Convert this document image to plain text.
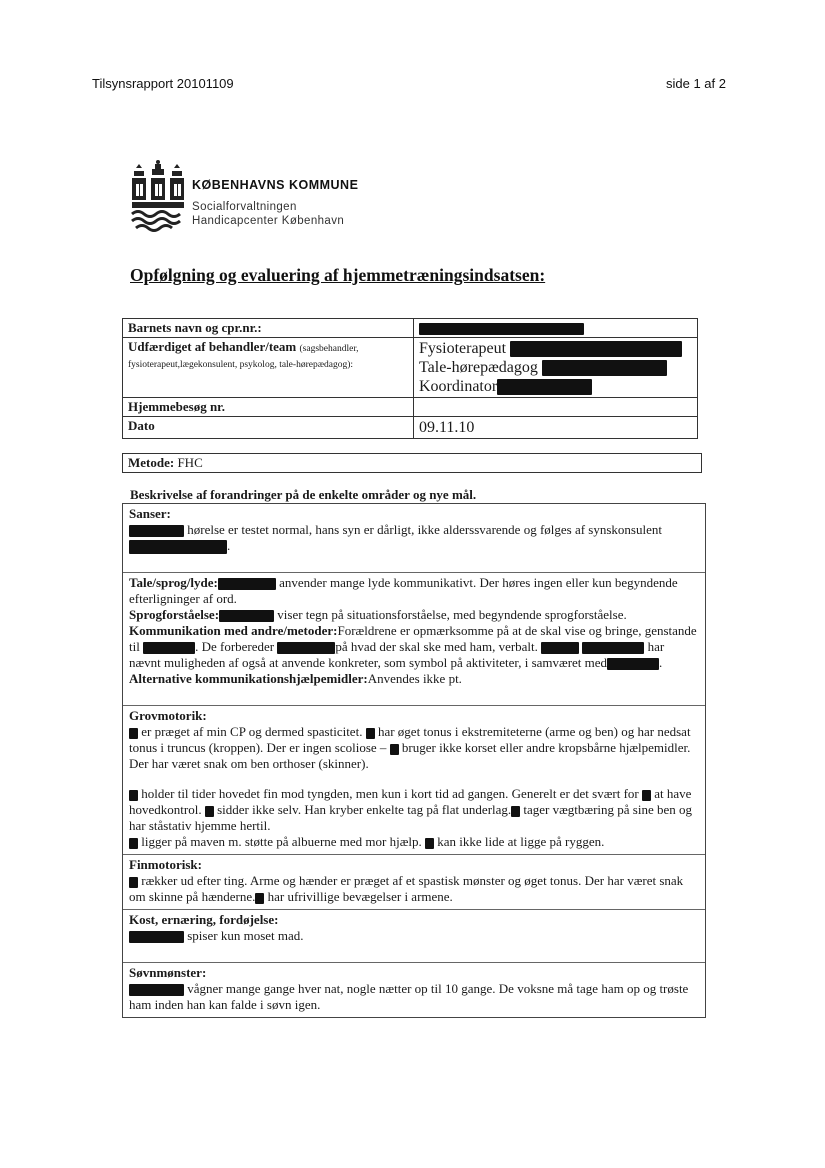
Tilsynsrapport 20101109	side 1 af 2
KØBENHAVNS KOMMUNE
Socialforvaltningen
Handicapcenter København
Opfølgning og evaluering af hjemmetræningsindsatsen:
Barnets navn og cpr.nr.:	
Udfærdiget af behandler/team (sagsbehandler, fysioterapeut,lægekonsulent, psykolog, tale-hørepædagog):	Fysioterapeut
Tale-hørepædagog
Koordinator

Hjemmebesøg nr.	
Dato	09.11.10
Metode: FHC
Beskrivelse af forandringer på de enkelte områder og nye mål.
Sanser:

hørelse er testet normal, hans syn er dårligt, ikke alderssvarende og følges af synskonsulent .

Tale/sprog/lyde:	anvender mange lyde kommunikativt. Der høres ingen eller kun begyndende efterligninger af ord.

Sprogforståelse:	viser tegn på situationsforståelse, med begyndende sprogforståelse.

Kommunikation med andre/metoder:Forældrene er opmærksomme på at de skal vise og bringe, genstande til	. De forbereder	på hvad der skal ske med ham, verbalt.	har nævnt muligheden af også at anvende konkreter, som symbol på aktiviteter, i samværet med	.

Alternative kommunikationshjælpemidler:Anvendes ikke pt.

Grovmotorik:

er præget af min CP og dermed spasticitet. har øget tonus i ekstremiteterne (arme og ben) og har nedsat tonus i truncus (kroppen). Der er ingen scoliose – bruger ikke korset eller andre kropsbårne hjælpemidler. Der har været snak om ben orthoser (skinner).

holder til tider hovedet fin mod tyngden, men kun i kort tid ad gangen. Generelt er det svært for at have hovedkontrol. sidder ikke selv. Han kryber enkelte tag på flat underlag. tager vægtbæring på sine ben og har ståstativ hjemme hertil.

ligger på maven m. støtte på albuerne med mor hjælp. kan ikke lide at ligge på ryggen.

Finmotorisk:

rækker ud efter ting. Arme og hænder er præget af et spastisk mønster og øget tonus. Der har været snak om skinne på hænderne. har ufrivillige bevægelser i armene.

Kost, ernæring, fordøjelse:

spiser kun moset mad.

Søvnmønster:

vågner mange gange hver nat, nogle nætter op til 10 gange. De voksne må tage ham op og trøste ham inden han kan falde i søvn igen.
